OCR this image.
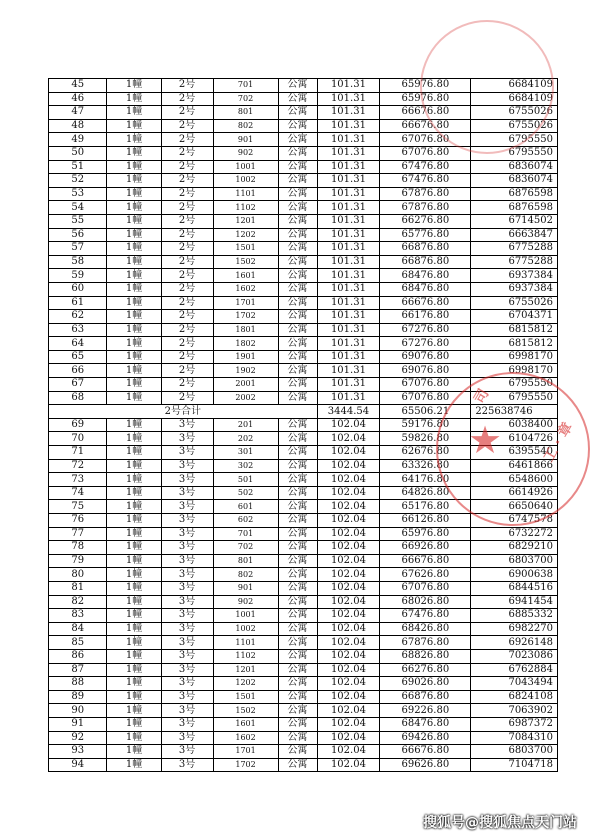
45	1幢	2号	701	公寓	101.31	65976.80	6684109
46	1幢	2号	702	公寓	101.31	65976.80	6684109
47	1幢	2号	801	公寓	101.31	66676.80	6755026
48	1幢	2号	802	公寓	101.31	66676.80	6755026
49	1幢	2号	901	公寓	101.31	67076.80	6795550
50	1幢	2号	902	公寓	101.31	67076.80	6795550
51	1幢	2号	1001	公寓	101.31	67476.80	6836074
52	1幢	2号	1002	公寓	101.31	67476.80	6836074
53	1幢	2号	1101	公寓	101.31	67876.80	6876598
54	1幢	2号	1102	公寓	101.31	67876.80	6876598
55	1幢	2号	1201	公寓	101.31	66276.80	6714502
56	1幢	2号	1202	公寓	101.31	65776.80	6663847
57	1幢	2号	1501	公寓	101.31	66876.80	6775288
58	1幢	2号	1502	公寓	101.31	66876.80	6775288
59	1幢	2号	1601	公寓	101.31	68476.80	6937384
60	1幢	2号	1602	公寓	101.31	68476.80	6937384
61	1幢	2号	1701	公寓	101.31	66676.80	6755026
62	1幢	2号	1702	公寓	101.31	66176.80	6704371
63	1幢	2号	1801	公寓	101.31	67276.80	6815812
64	1幢	2号	1802	公寓	101.31	67276.80	6815812
65	1幢	2号	1901	公寓	101.31	69076.80	6998170
66	1幢	2号	1902	公寓	101.31	69076.80	6998170
67	1幢	2号	2001	公寓	101.31	67076.80	6795550
68	1幢	2号	2002	公寓	101.31	67076.80	6795550
2号合计					3444.54	65506.21	225638746
69	1幢	3号	201	公寓	102.04	59176.80	6038400
70	1幢	3号	202	公寓	102.04	59826.80	6104726
71	1幢	3号	301	公寓	102.04	62676.80	6395540
72	1幢	3号	302	公寓	102.04	63326.80	6461866
73	1幢	3号	501	公寓	102.04	64176.80	6548600
74	1幢	3号	502	公寓	102.04	64826.80	6614926
75	1幢	3号	601	公寓	102.04	65176.80	6650640
76	1幢	3号	602	公寓	102.04	66126.80	6747578
77	1幢	3号	701	公寓	102.04	65976.80	6732272
78	1幢	3号	702	公寓	102.04	66926.80	6829210
79	1幢	3号	801	公寓	102.04	66676.80	6803700
80	1幢	3号	802	公寓	102.04	67626.80	6900638
81	1幢	3号	901	公寓	102.04	67076.80	6844516
82	1幢	3号	902	公寓	102.04	68026.80	6941454
83	1幢	3号	1001	公寓	102.04	67476.80	6885332
84	1幢	3号	1002	公寓	102.04	68426.80	6982270
85	1幢	3号	1101	公寓	102.04	67876.80	6926148
86	1幢	3号	1102	公寓	102.04	68826.80	7023086
87	1幢	3号	1201	公寓	102.04	66276.80	6762884
88	1幢	3号	1202	公寓	102.04	69026.80	7043494
89	1幢	3号	1501	公寓	102.04	66876.80	6824108
90	1幢	3号	1502	公寓	102.04	69226.80	7063902
91	1幢	3号	1601	公寓	102.04	68476.80	6987372
92	1幢	3号	1602	公寓	102.04	69426.80	7084310
93	1幢	3号	1701	公寓	102.04	66676.80	6803700
94	1幢	3号	1702	公寓	102.04	69626.80	7104718
司
工 · 章
★
搜狐号@搜狐焦点天门站
